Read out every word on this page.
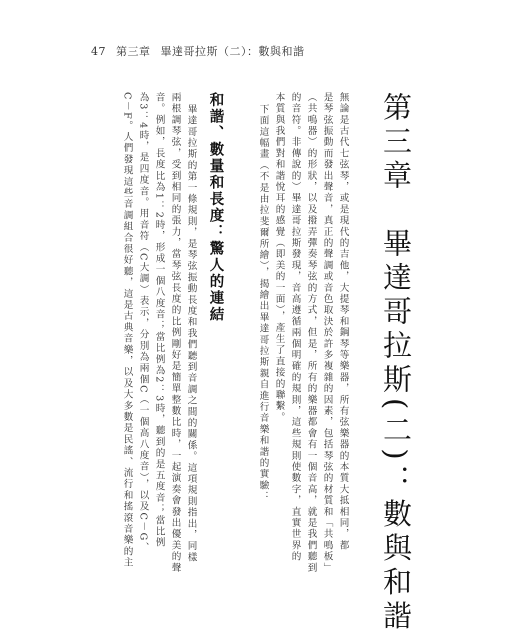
47 第三章 畢達哥拉斯（二）：數與和諧
第三章　畢達哥拉斯(二)：數與和諧
無論是古代七弦琴，或是現代的吉他，大提琴和鋼琴等樂器，所有弦樂器的本質大抵相同，都
是琴弦振動而發出聲音，真正的聲調或音色取決於許多複雜的因素，包括琴弦的材質和「共鳴板」
（共鳴器）的形狀，以及撥弄彈奏琴弦的方式，但是，所有的樂器都會有一個音高，就是我們聽到
的音符。非傳說的）畢達哥拉斯發現，音高遵循兩個明確的規則，這些規則使數字，直實世界的
本質與我們對和諧悅耳的感覺（即美的一面），產生了直接的聯繫。
下面這幅畫（不是由拉斐爾所繪），揭繪出畢達哥拉斯親自進行音樂和諧的實驗：
和諧、數量和長度：驚人的連結
畢達哥拉斯的第一條規則，是琴弦振動長度和我們聽到音調之間的關係。這項規則指出，同樣
兩根調琴弦，受到相同的張力，當琴弦長度的比例剛好是簡單整數比時，一起演奏會發出優美的聲
音。例如，長度比為1：2時，形成一個八度音；當比例為2：3時，聽到的是五度音；當比例
為3：4時，是四度音。用音符（C大調）表示，分別為兩個C（一個高八度音），以及C－G、
C－F。人們發現這些音調組合很好聽，這是古典音樂，以及大多數是民謠、流行和搖滾音樂的主
